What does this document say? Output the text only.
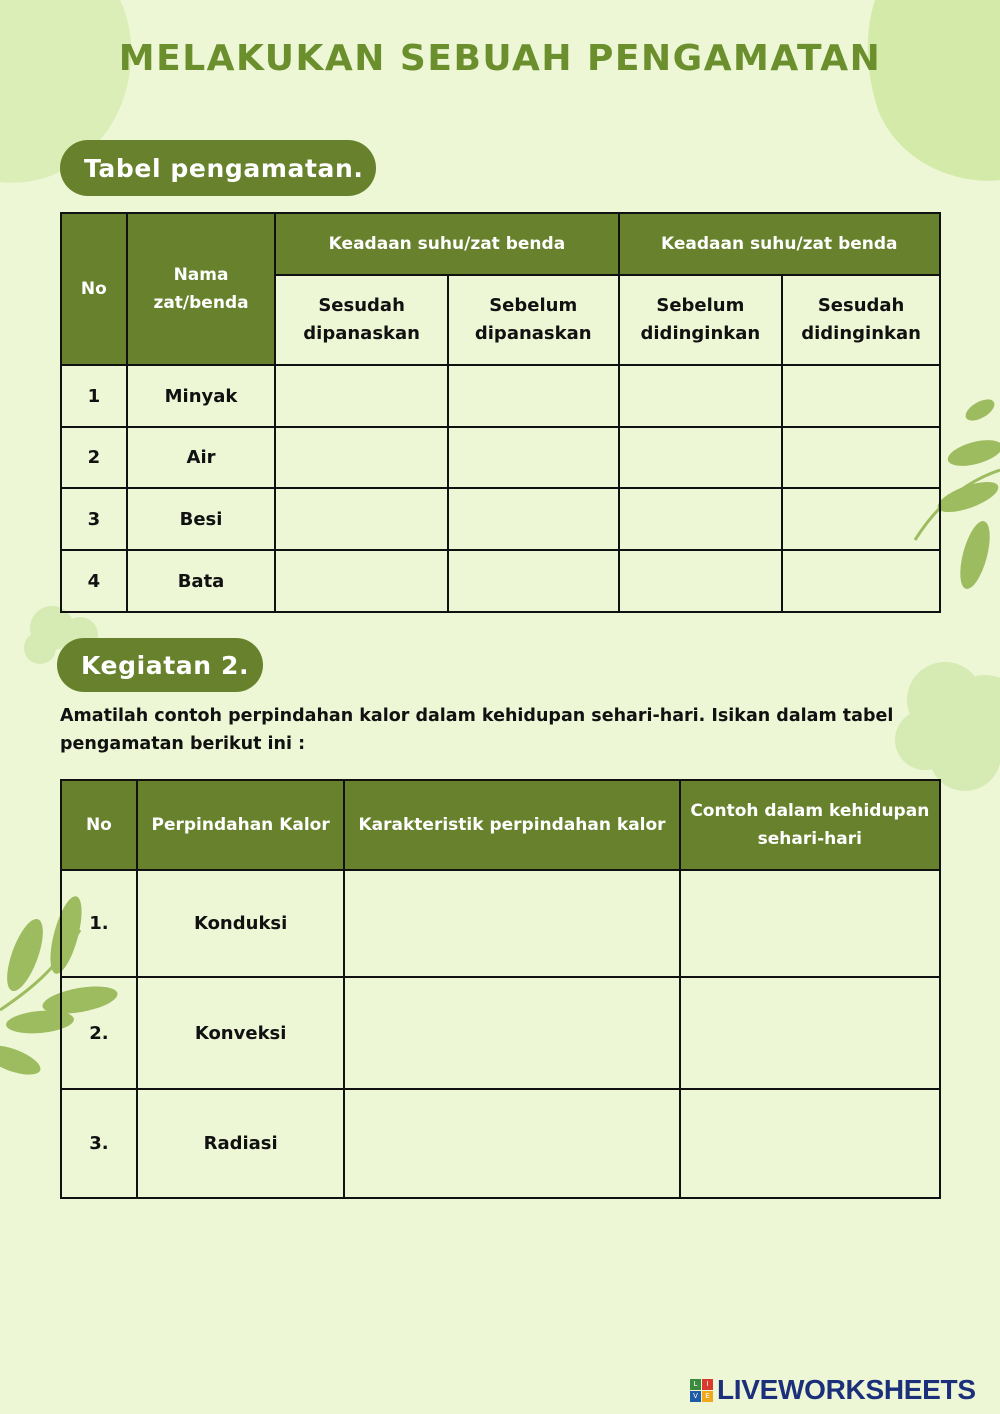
MELAKUKAN SEBUAH PENGAMATAN
Tabel pengamatan.
No	Nama zat/benda	Keadaan suhu/zat benda		Keadaan suhu/zat benda	
		Sesudah dipanaskan	Sebelum dipanaskan	Sebelum didinginkan	Sesudah didinginkan
1	Minyak				
2	Air				
3	Besi				
4	Bata				
Kegiatan 2.

Amatilah contoh perpindahan kalor dalam kehidupan sehari-hari. Isikan dalam tabel pengamatan berikut ini :

No	Perpindahan Kalor	Karakteristik perpindahan kalor	Contoh dalam kehidupan sehari-hari
1.	Konduksi		
2.	Konveksi		
3.	Radiasi		
L	I
V	E LIVEWORKSHEETS
